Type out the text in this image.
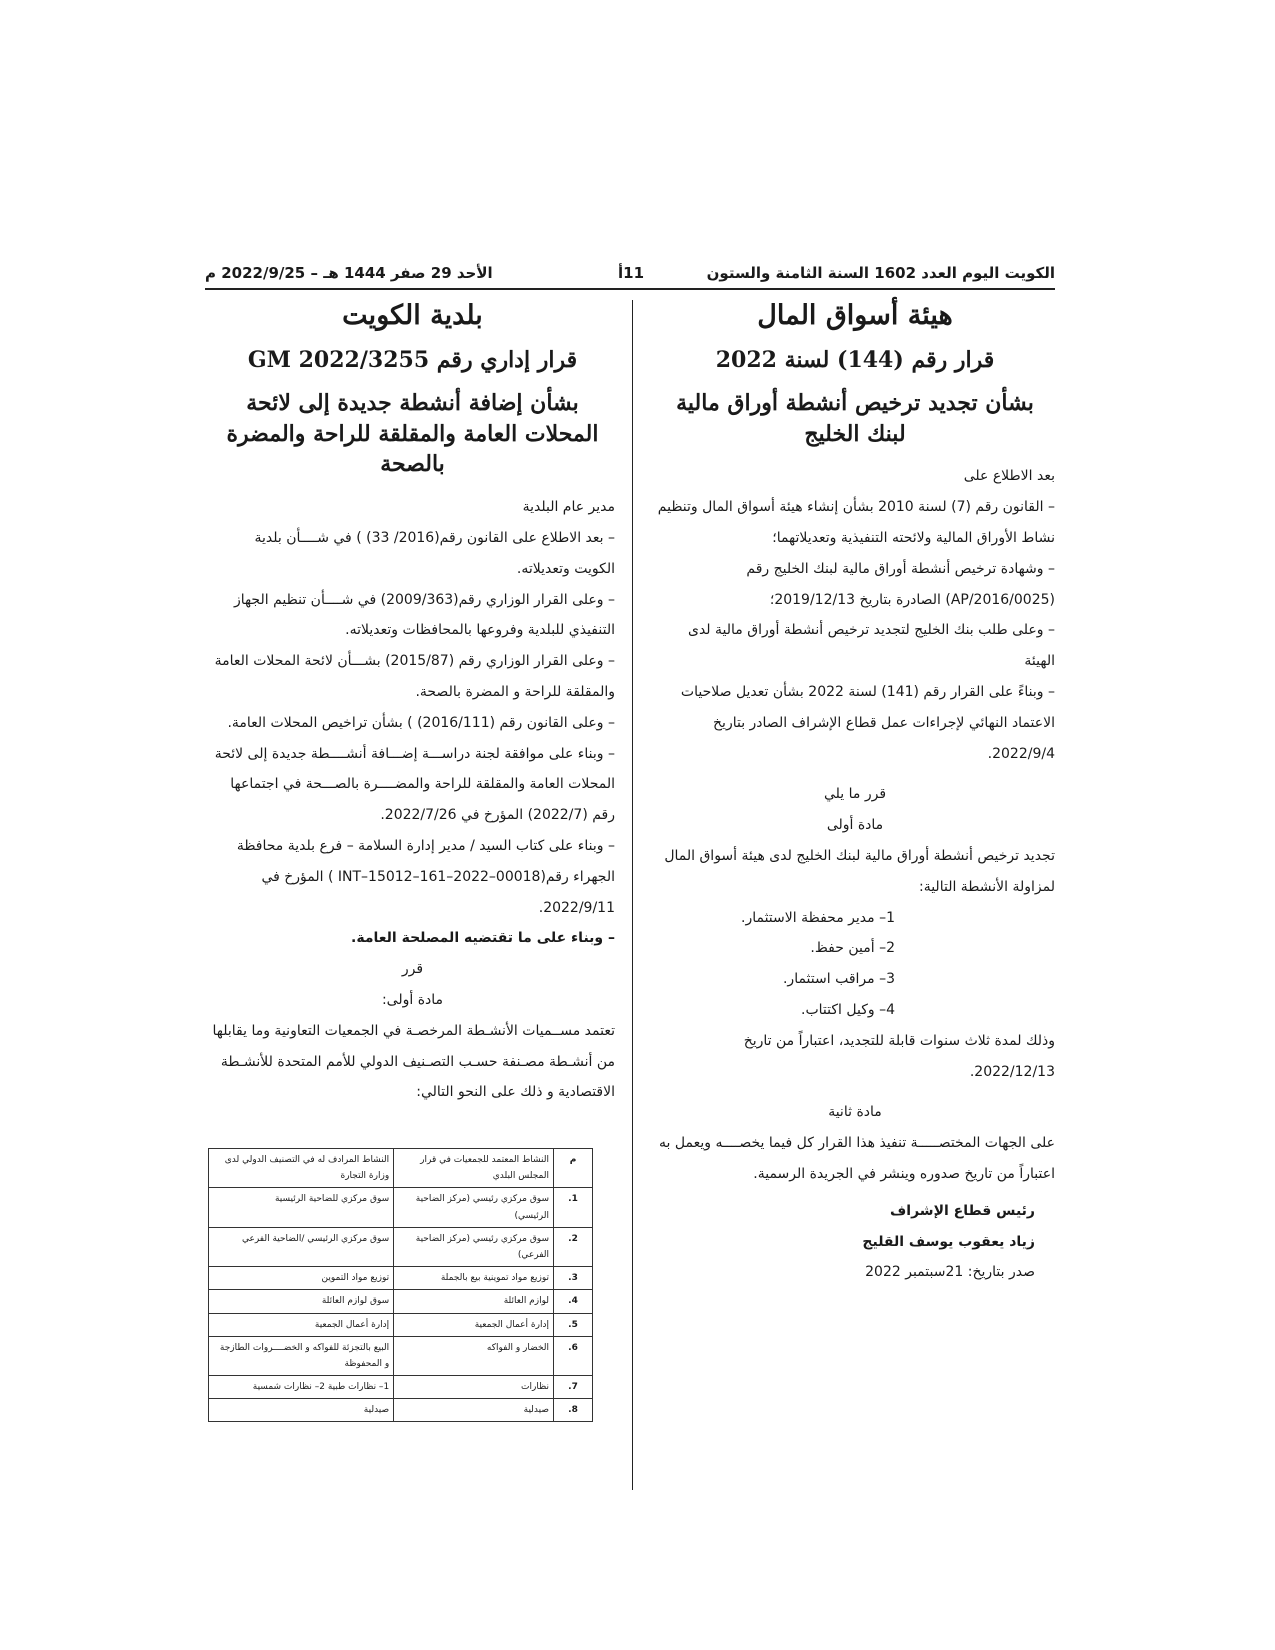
الكويت اليوم العدد 1602 السنة الثامنة والستون
11أ
الأحد 29 صفر 1444 هـ – 2022/9/25 م

هيئة أسواق المال

قرار رقم (144) لسنة 2022

بشأن تجديد ترخيص أنشطة أوراق مالية لبنك الخليج

بعد الاطلاع على

– القانون رقم (7) لسنة 2010 بشأن إنشاء هيئة أسواق المال وتنظيم نشاط الأوراق المالية ولائحته التنفيذية وتعديلاتهما؛

– وشهادة ترخيص أنشطة أوراق مالية لبنك الخليج رقم (AP/2016/0025) الصادرة بتاريخ 2019/12/13؛

– وعلى طلب بنك الخليج لتجديد ترخيص أنشطة أوراق مالية لدى الهيئة

– وبناءً على القرار رقم (141) لسنة 2022 بشأن تعديل صلاحيات الاعتماد النهائي لإجراءات عمل قطاع الإشراف الصادر بتاريخ 2022/9/4.

قرر ما يلي

مادة أولى

تجديد ترخيص أنشطة أوراق مالية لبنك الخليج لدى هيئة أسواق المال لمزاولة الأنشطة التالية:

1– مدير محفظة الاستثمار.

2– أمين حفظ.

3– مراقب استثمار.

4– وكيل اكتتاب.

وذلك لمدة ثلاث سنوات قابلة للتجديد، اعتباراً من تاريخ 2022/12/13.

مادة ثانية

على الجهات المختصـــــة تنفيذ هذا القرار كل فيما يخصــــه ويعمل به اعتباراً من تاريخ صدوره وينشر في الجريدة الرسمية.

رئيس قطاع الإشراف

زياد يعقوب يوسف القليج

صدر بتاريخ: 21سبتمبر 2022

بلدية الكويت

قرار إداري رقم GM 2022/3255

بشأن إضافة أنشطة جديدة إلى لائحة المحلات العامة والمقلقة للراحة والمضرة بالصحة

مدير عام البلدية

– بعد الاطلاع على القانون رقم(2016/ 33) ) في شــــأن بلدية الكويت وتعديلاته.

– وعلى القرار الوزاري رقم(2009/363) في شــــأن تنظيم الجهاز التنفيذي للبلدية وفروعها بالمحافظات وتعديلاته.

– وعلى القرار الوزاري رقم (2015/87) بشـــأن لائحة المحلات العامة والمقلقة للراحة و المضرة بالصحة.

– وعلى القانون رقم (2016/111) ) بشأن تراخيص المحلات العامة.

– وبناء على موافقة لجنة دراســـة إضـــافة أنشــــطة جديدة إلى لائحة المحلات العامة والمقلقة للراحة والمضــــرة بالصـــحة في اجتماعها رقم (2022/7) المؤرخ في 2022/7/26.

– وبناء على كتاب السيد / مدير إدارة السلامة – فرع بلدية محافظة الجهراء رقم(INT–15012–161–2022–00018 ) المؤرخ في 2022/9/11.

– وبناء على ما تقتضيه المصلحة العامة.

قرر

مادة أولى:

تعتمد مســميات الأنشـطة المرخصـة في الجمعيات التعاونية وما يقابلها من أنشـطة مصـنفة حسـب التصـنيف الدولي للأمم المتحدة للأنشـطة الاقتصادية و ذلك على النحو التالي:

م	النشاط المعتمد للجمعيات في قرار المجلس البلدي	النشاط المرادف له في التصنيف الدولي لدى وزارة التجارة
1.	سوق مركزي رئيسي (مركز الضاحية الرئيسي)	سوق مركزي للضاحية الرئيسية
2.	سوق مركزي رئيسي (مركز الضاحية الفرعي)	سوق مركزي الرئيسي /الضاحية الفرعي
3.	توزيع مواد تموينية بيع بالجملة	توزيع مواد التموين
4.	لوازم العائلة	سوق لوازم العائلة
5.	إدارة أعمال الجمعية	إدارة أعمال الجمعية
6.	الخضار و الفواكه	البيع بالتجزئة للفواكه و الخضــــروات الطازجة و المحفوظة
7.	نظارات	1– نظارات طبية 2– نظارات شمسية
8.	صيدلية	صيدلية
